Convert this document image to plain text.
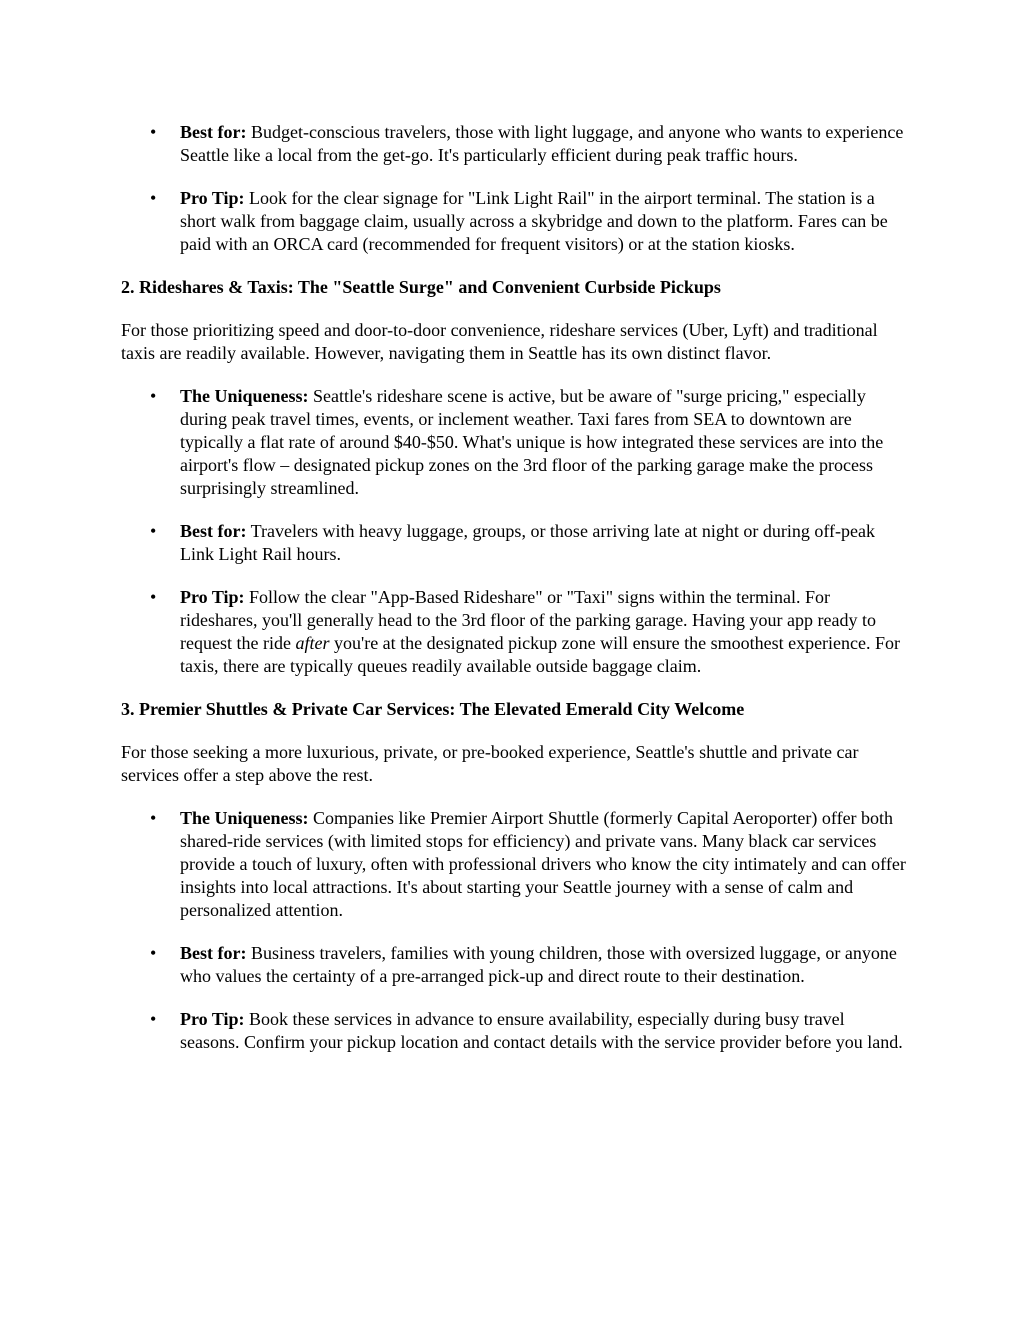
• Best for: Budget-conscious travelers, those with light luggage, and anyone who wants to experience Seattle like a local from the get-go. It's particularly efficient during peak traffic hours.
• Pro Tip: Look for the clear signage for "Link Light Rail" in the airport terminal. The station is a short walk from baggage claim, usually across a skybridge and down to the platform. Fares can be paid with an ORCA card (recommended for frequent visitors) or at the station kiosks.

2. Rideshares & Taxis: The "Seattle Surge" and Convenient Curbside Pickups

For those prioritizing speed and door-to-door convenience, rideshare services (Uber, Lyft) and traditional taxis are readily available. However, navigating them in Seattle has its own distinct flavor.

• The Uniqueness: Seattle's rideshare scene is active, but be aware of "surge pricing," especially during peak travel times, events, or inclement weather. Taxi fares from SEA to downtown are typically a flat rate of around $40-$50. What's unique is how integrated these services are into the airport's flow – designated pickup zones on the 3rd floor of the parking garage make the process surprisingly streamlined.
• Best for: Travelers with heavy luggage, groups, or those arriving late at night or during off-peak Link Light Rail hours.
• Pro Tip: Follow the clear "App-Based Rideshare" or "Taxi" signs within the terminal. For rideshares, you'll generally head to the 3rd floor of the parking garage. Having your app ready to request the ride after you're at the designated pickup zone will ensure the smoothest experience. For taxis, there are typically queues readily available outside baggage claim.

3. Premier Shuttles & Private Car Services: The Elevated Emerald City Welcome

For those seeking a more luxurious, private, or pre-booked experience, Seattle's shuttle and private car services offer a step above the rest.

• The Uniqueness: Companies like Premier Airport Shuttle (formerly Capital Aeroporter) offer both shared-ride services (with limited stops for efficiency) and private vans. Many black car services provide a touch of luxury, often with professional drivers who know the city intimately and can offer insights into local attractions. It's about starting your Seattle journey with a sense of calm and personalized attention.
• Best for: Business travelers, families with young children, those with oversized luggage, or anyone who values the certainty of a pre-arranged pick-up and direct route to their destination.
• Pro Tip: Book these services in advance to ensure availability, especially during busy travel seasons. Confirm your pickup location and contact details with the service provider before you land.
